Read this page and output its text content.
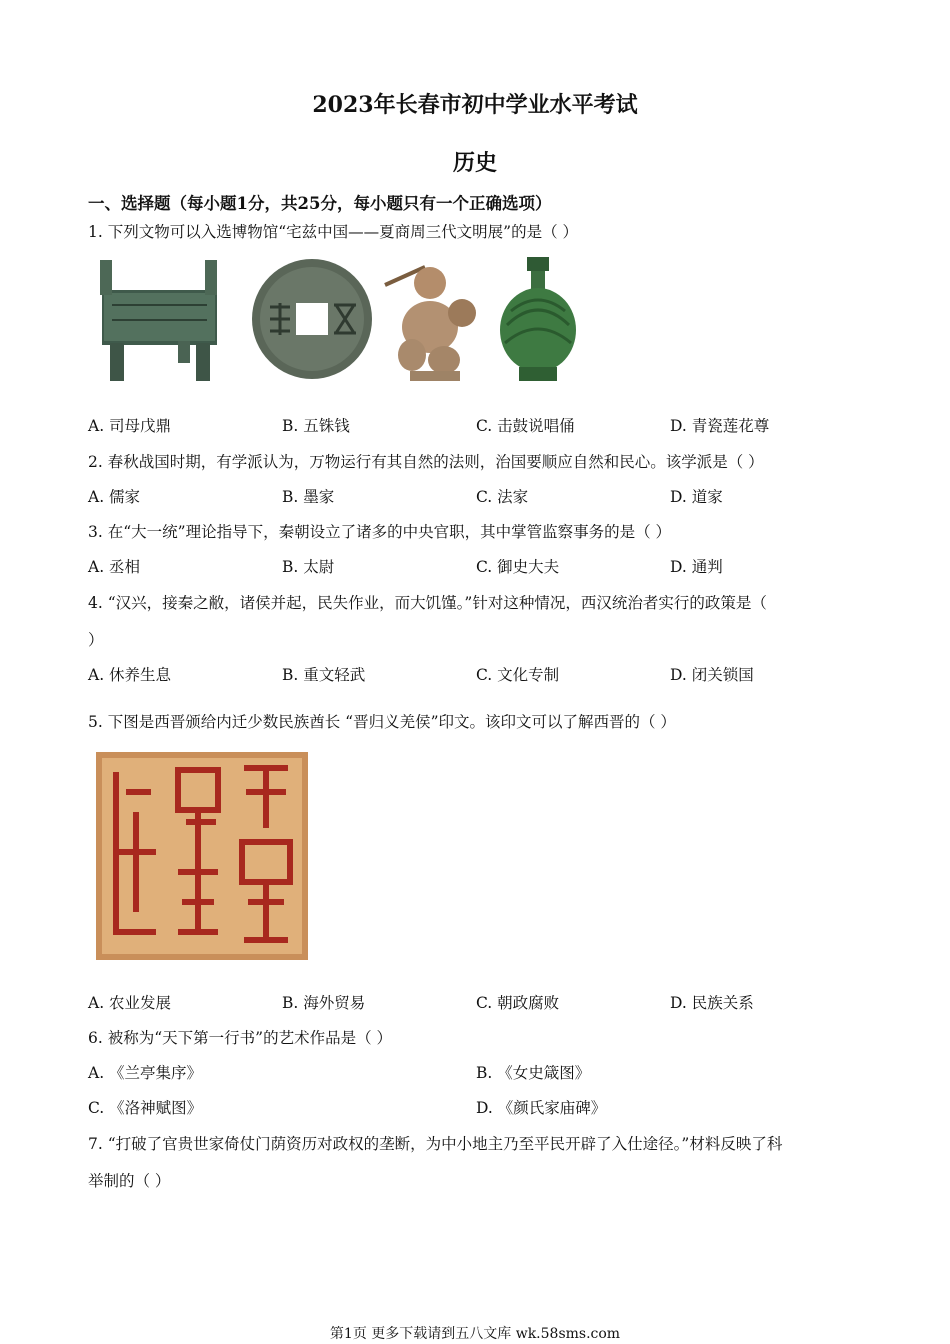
2023年长春市初中学业水平考试
历史
一、选择题（每小题1分，共25分，每小题只有一个正确选项）
1. 下列文物可以入选博物馆“宅兹中国——夏商周三代文明展”的是（ ）
A. 司母戊鼎	B. 五铢钱	C. 击鼓说唱俑	D. 青瓷莲花尊
2. 春秋战国时期，有学派认为，万物运行有其自然的法则，治国要顺应自然和民心。该学派是（ ）
A. 儒家	B. 墨家	C. 法家	D. 道家
3. 在“大一统”理论指导下，秦朝设立了诸多的中央官职，其中掌管监察事务的是（ ）
A. 丞相	B. 太尉	C. 御史大夫	D. 通判
4. “汉兴，接秦之敝，诸侯并起，民失作业，而大饥馑。”针对这种情况，西汉统治者实行的政策是（
）
A. 休养生息	B. 重文轻武	C. 文化专制	D. 闭关锁国
5. 下图是西晋颁给内迁少数民族酋长 “晋归义羌侯”印文。该印文可以了解西晋的（ ）
A. 农业发展	B. 海外贸易	C. 朝政腐败	D. 民族关系
6. 被称为“天下第一行书”的艺术作品是（ ）
A. 《兰亭集序》	B. 《女史箴图》
C. 《洛神赋图》	D. 《颜氏家庙碑》
7. “打破了官贵世家倚仗门荫资历对政权的垄断，为中小地主乃至平民开辟了入仕途径。”材料反映了科
举制的（ ）
第1页 更多下载请到五八文库 wk.58sms.com
